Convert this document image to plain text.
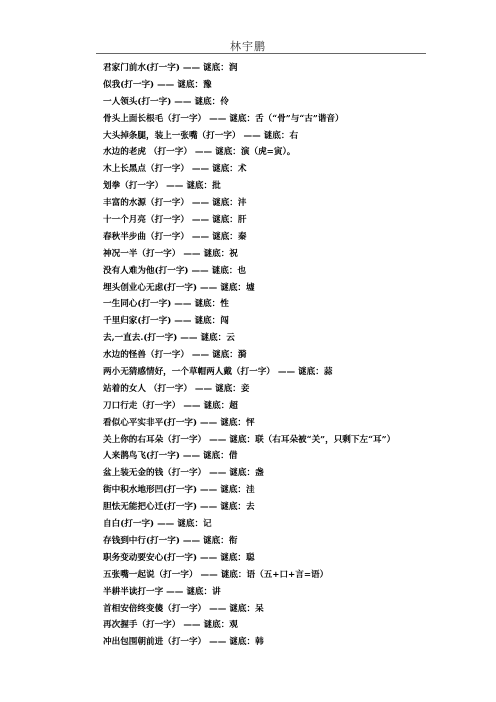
林宇鹏
君家门前水(打一字) —— 谜底：润
似我(打一字) —— 谜底：豫
一人领头(打一字) —— 谜底：伶
骨头上面长根毛（打一字） —— 谜底：舌（“骨”与“古”谐音）
大头掉条腿，装上一张嘴（打一字） —— 谜底：右
水边的老虎 （打一字） —— 谜底：演（虎=寅）。
木上长黑点（打一字） —— 谜底：术
划拳（打一字） —— 谜底：批
丰富的水源（打一字） —— 谜底：沣
十一个月亮（打一字） —— 谜底：肝
春秋半步曲（打一字） —— 谜底：秦
神况一半（打一字） —— 谜底：祝
没有人难为他(打一字) —— 谜底：也
埋头创业心无虑(打一字) —— 谜底：墟
一生同心(打一字) —— 谜底：性
千里归家(打一字) —— 谜底：闯
去,一直去.(打一字) —— 谜底：云
水边的怪兽（打一字） —— 谜底：漪
两小无猜感情好，一个草帽两人戴（打一字） —— 谜底：蒜
站着的女人 （打一字） —— 谜底：妾
刀口行走（打一字） —— 谜底：超
看似心平实非平(打一字) —— 谜底：怦
关上你的右耳朵（打一字） —— 谜底：联（右耳朵被“关”，只剩下左“耳”）
人来鹊鸟飞(打一字) —— 谜底：借
盆上装无金的钱（打一字） —— 谜底：盏
街中积水地形凹(打一字) —— 谜底：洼
胆怯无能把心迁(打一字) —— 谜底：去
自白(打一字) —— 谜底：记
存钱到中行(打一字) —— 谜底：衔
职务变动要安心(打一字) —— 谜底：聪
五张嘴一起说（打一字） —— 谜底：语（五+口+言=语）
半耕半读打一字 —— 谜底：讲
首相安倍终变傻（打一字） —— 谜底：呆
再次握手（打一字） —— 谜底：观
冲出包围朝前进（打一字） —— 谜底：韩
